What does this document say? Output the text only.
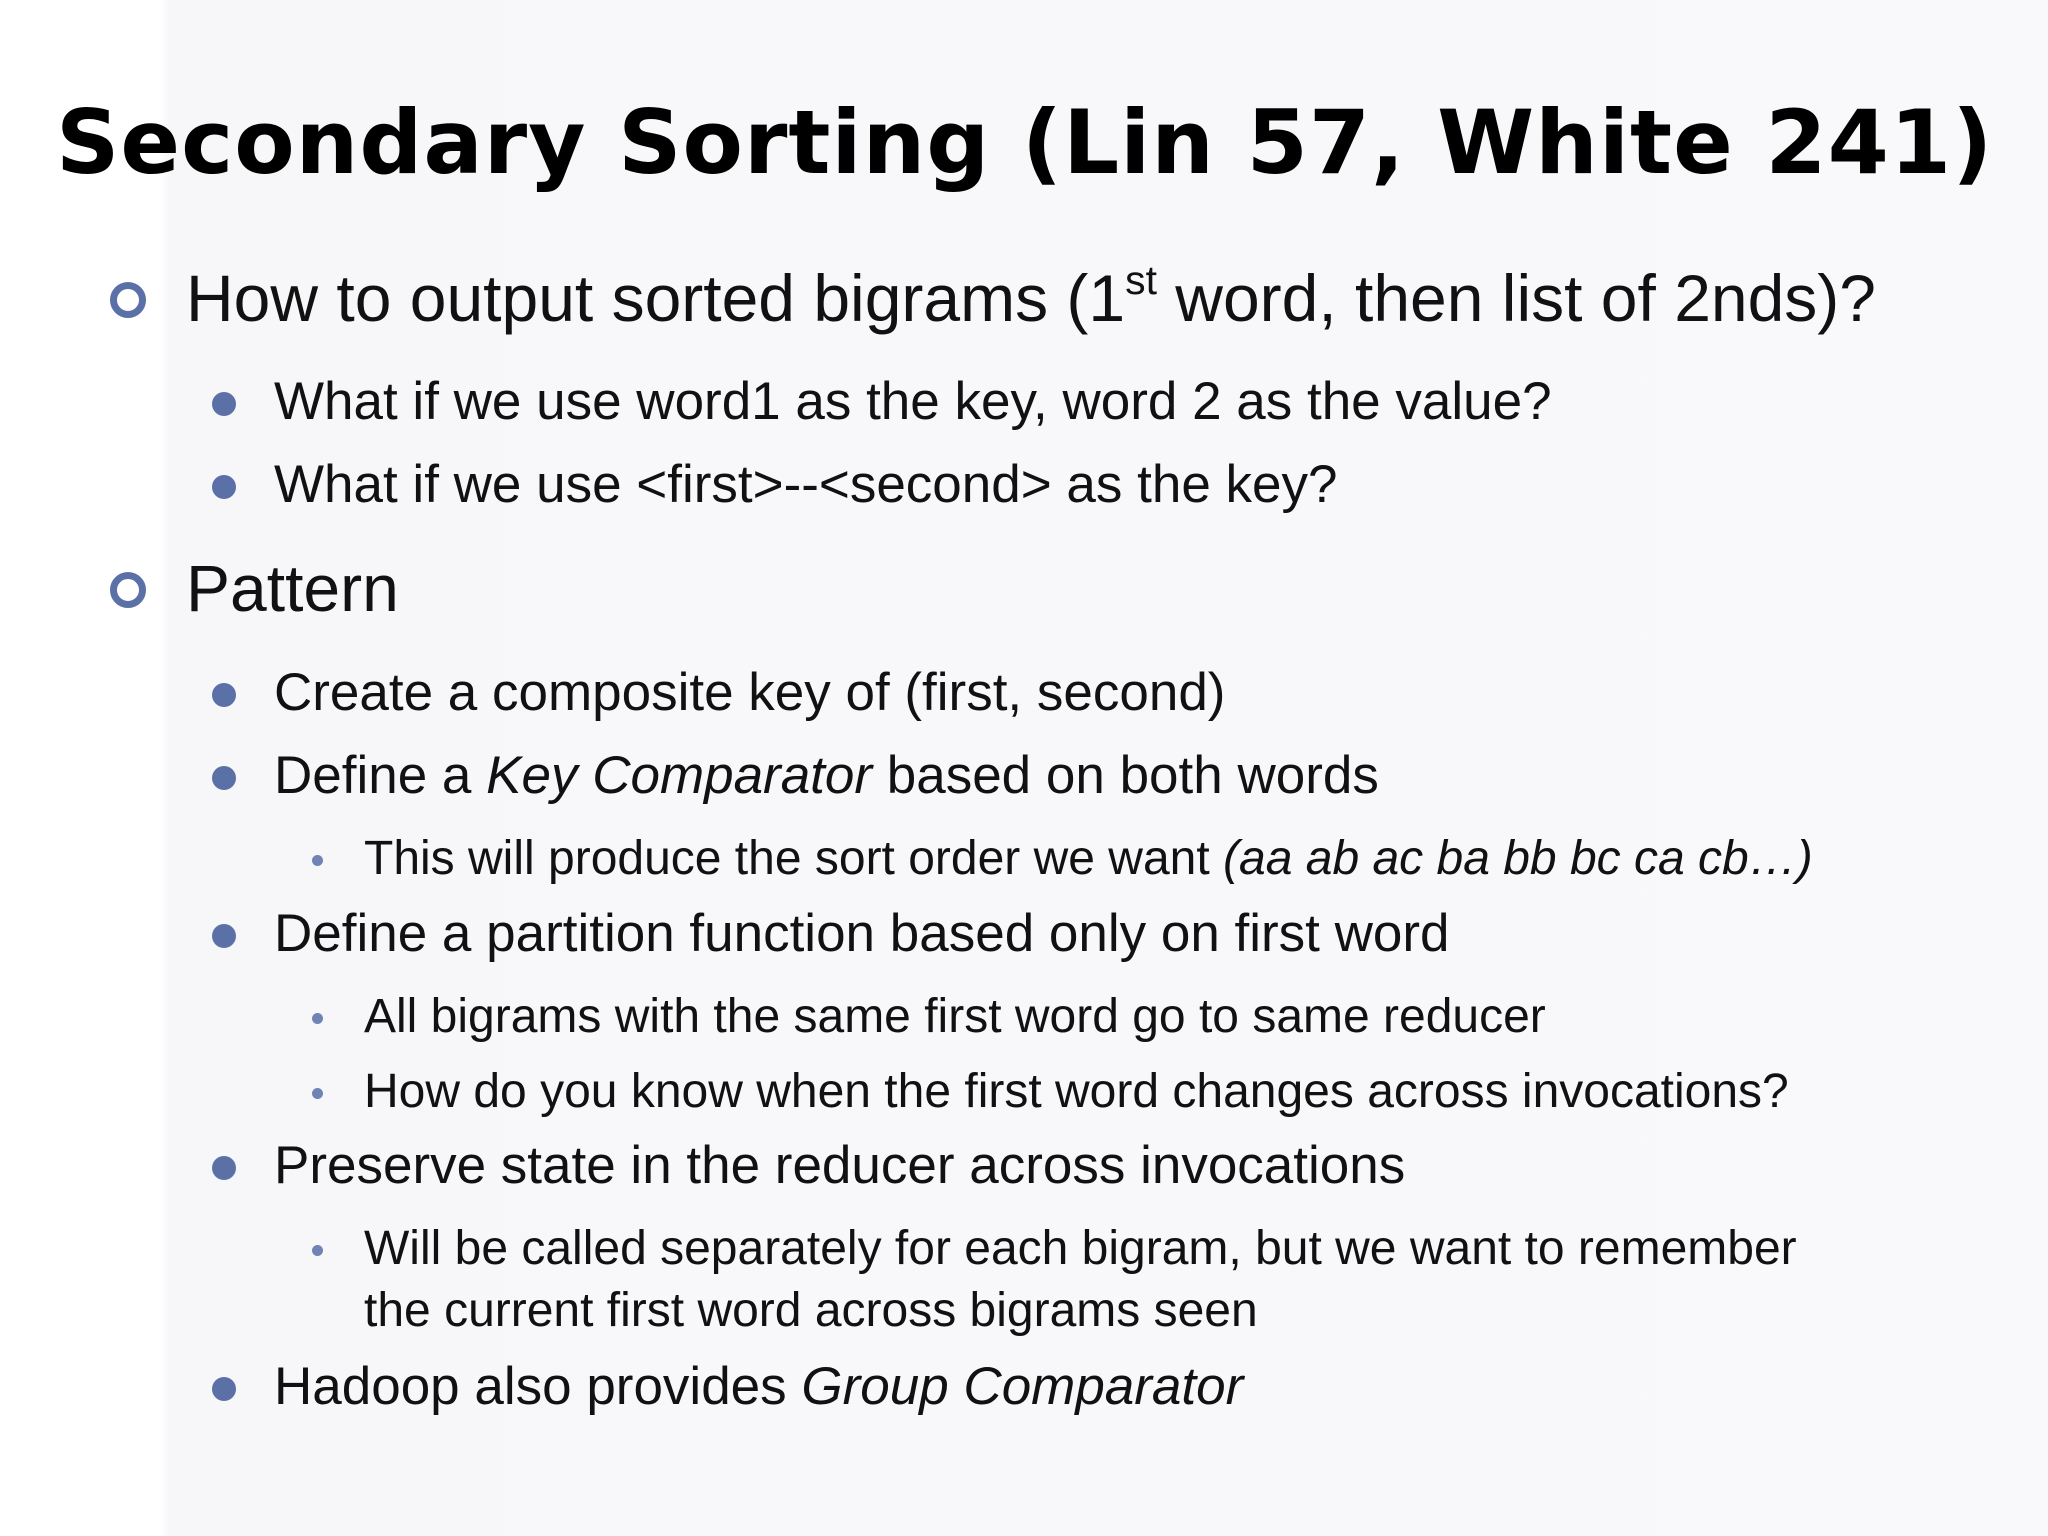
Secondary Sorting (Lin 57, White 241)
How to output sorted bigrams (1st word, then list of 2nds)?
What if we use word1 as the key, word 2 as the value?
What if we use <first>--<second> as the key?
Pattern
Create a composite key of (first, second)
Define a Key Comparator based on both words
This will produce the sort order we want (aa ab ac ba bb bc ca cb…)
Define a partition function based only on first word
All bigrams with the same first word go to same reducer
How do you know when the first word changes across invocations?
Preserve state in the reducer across invocations
Will be called separately for each bigram, but we want to remember
the current first word across bigrams seen
Hadoop also provides Group Comparator
